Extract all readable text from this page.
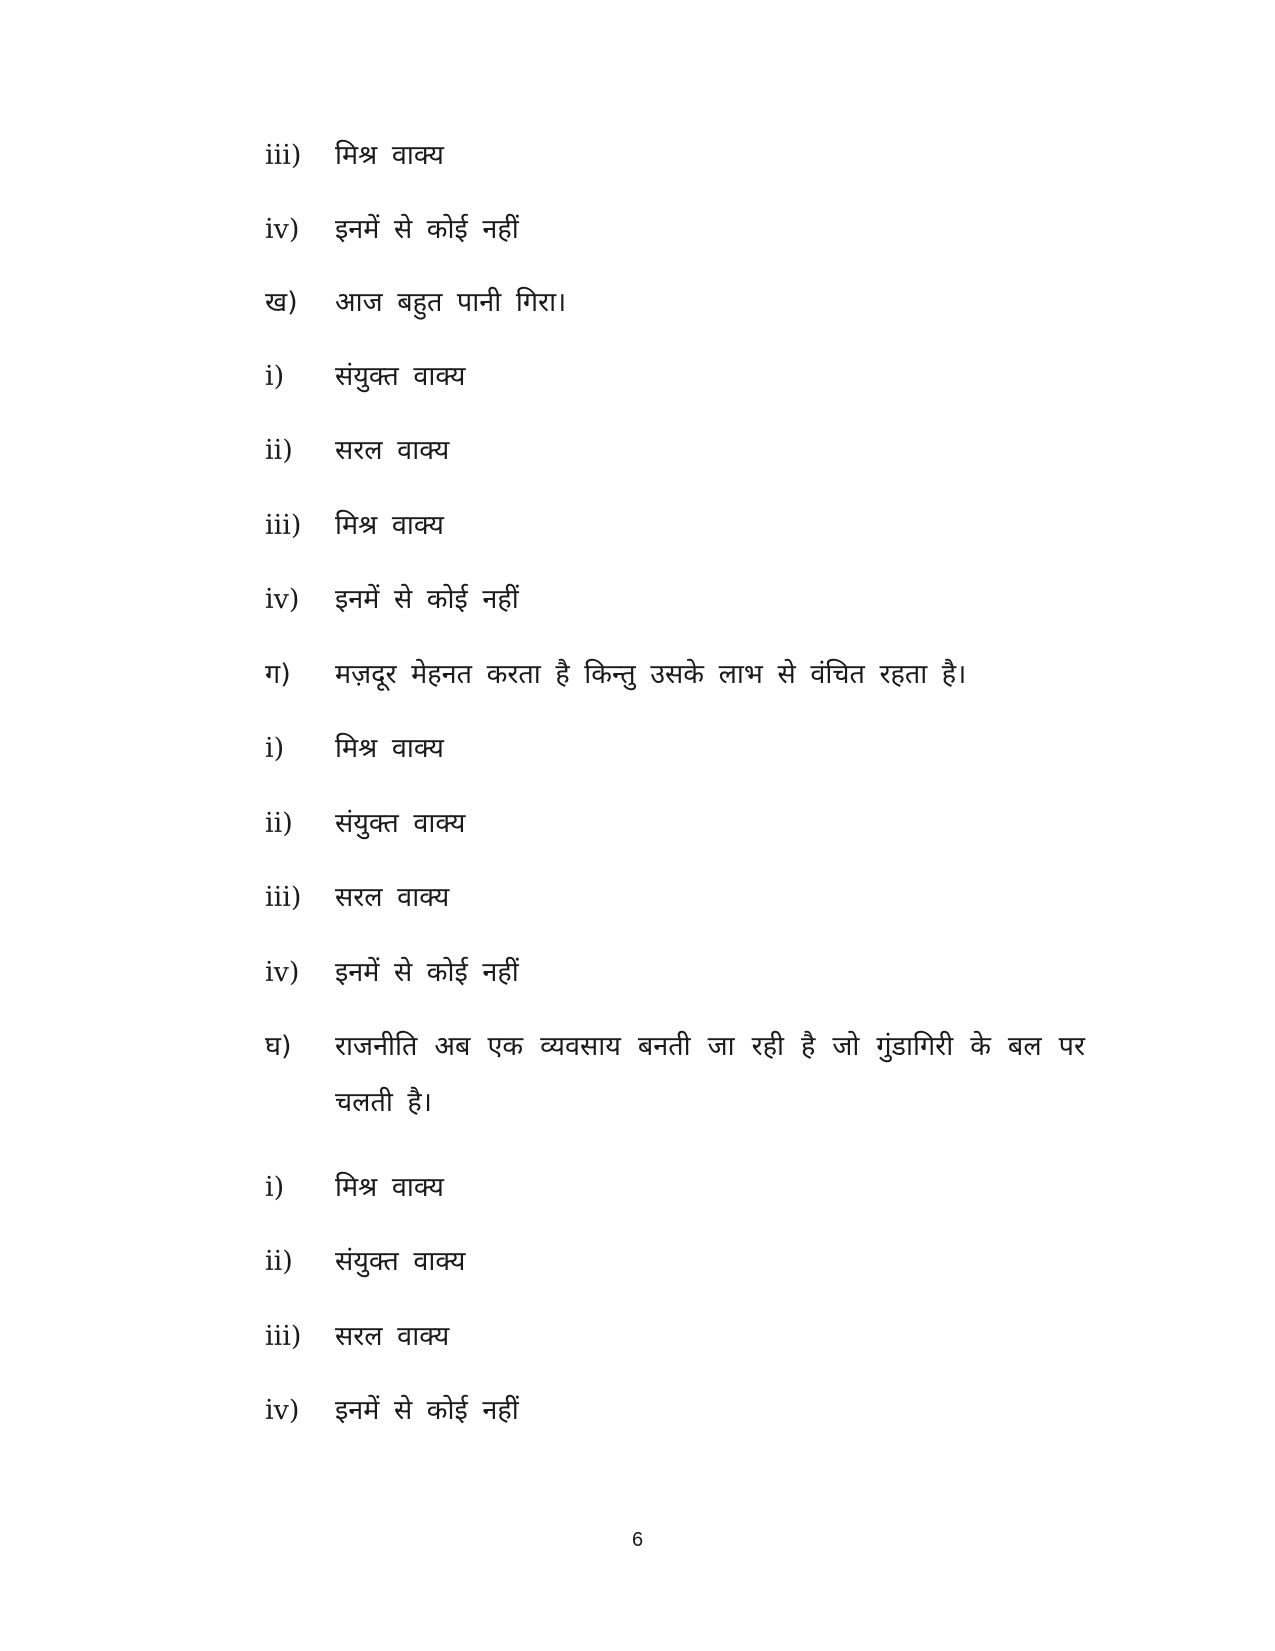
iii)	मिश्र वाक्य
iv)	इनमें से कोई नहीं
ख)	आज बहुत पानी गिरा।
i)	संयुक्त वाक्य
ii)	सरल वाक्य
iii)	मिश्र वाक्य
iv)	इनमें से कोई नहीं
ग)	मज़दूर मेहनत करता है किन्तु उसके लाभ से वंचित रहता है।
i)	मिश्र वाक्य
ii)	संयुक्त वाक्य
iii)	सरल वाक्य
iv)	इनमें से कोई नहीं
घ)	राजनीति अब एक व्यवसाय बनती जा रही है जो गुंडागिरी के बल पर चलती है।
i)	मिश्र वाक्य
ii)	संयुक्त वाक्य
iii)	सरल वाक्य
iv)	इनमें से कोई नहीं
6
